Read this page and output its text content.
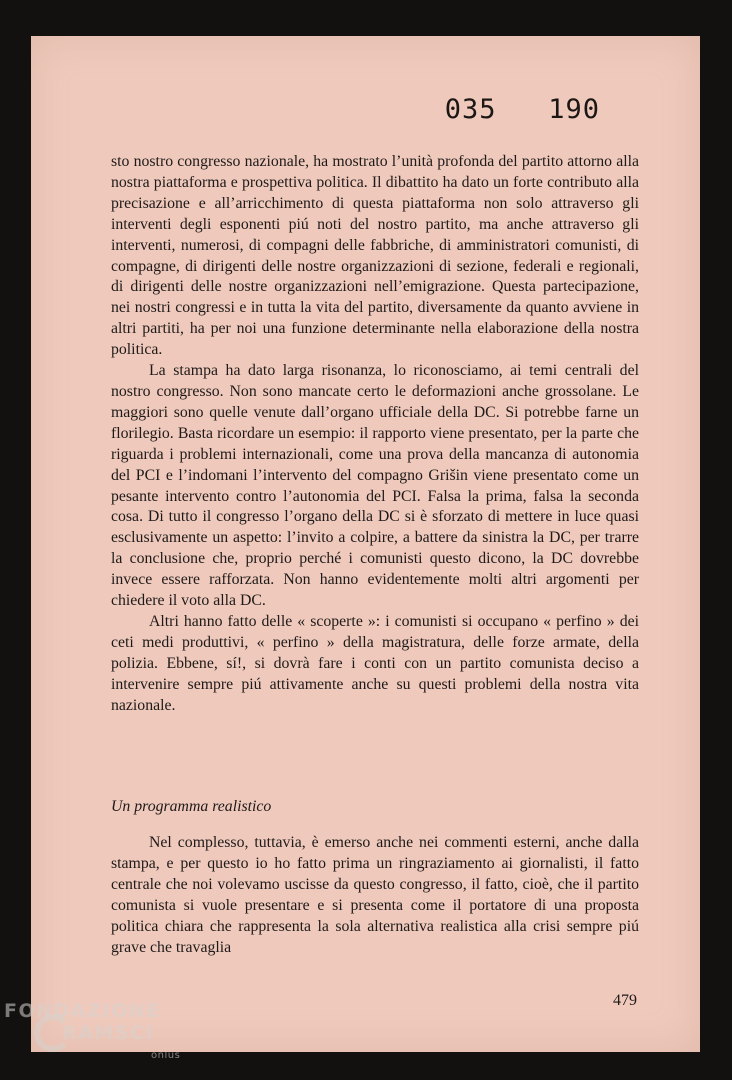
035   190

sto nostro congresso nazionale, ha mostrato l’unità profonda del partito attorno alla nostra piattaforma e prospettiva politica. Il dibattito ha dato un forte contributo alla precisazione e all’arricchimento di questa piattaforma non solo attraverso gli interventi degli esponenti piú noti del nostro partito, ma anche attraverso gli interventi, numerosi, di compagni delle fabbriche, di amministratori comunisti, di compagne, di dirigenti delle nostre organizzazioni di sezione, federali e regionali, di dirigenti delle nostre organizzazioni nell’emigrazione. Questa partecipazione, nei nostri congressi e in tutta la vita del partito, diversamente da quanto avviene in altri partiti, ha per noi una funzione determinante nella elaborazione della nostra politica.

La stampa ha dato larga risonanza, lo riconosciamo, ai temi centrali del nostro congresso. Non sono mancate certo le deformazioni anche grossolane. Le maggiori sono quelle venute dall’organo ufficiale della DC. Si potrebbe farne un florilegio. Basta ricordare un esempio: il rapporto viene presentato, per la parte che riguarda i problemi internazionali, come una prova della mancanza di autonomia del PCI e l’indomani l’intervento del compagno Grišin viene presentato come un pesante intervento contro l’autonomia del PCI. Falsa la prima, falsa la seconda cosa. Di tutto il congresso l’organo della DC si è sforzato di mettere in luce quasi esclusivamente un aspetto: l’invito a colpire, a battere da sinistra la DC, per trarre la conclusione che, proprio perché i comunisti questo dicono, la DC dovrebbe invece essere rafforzata. Non hanno evidentemente molti altri argomenti per chiedere il voto alla DC.

Altri hanno fatto delle « scoperte »: i comunisti si occupano « perfino » dei ceti medi produttivi, « perfino » della magistratura, delle forze armate, della polizia. Ebbene, sí!, si dovrà fare i conti con un partito comunista deciso a intervenire sempre piú attivamente anche su questi problemi della nostra vita nazionale.

Un programma realistico

Nel complesso, tuttavia, è emerso anche nei commenti esterni, anche dalla stampa, e per questo io ho fatto prima un ringraziamento ai giornalisti, il fatto centrale che noi volevamo uscisse da questo congresso, il fatto, cioè, che il partito comunista si vuole presentare e si presenta come il portatore di una proposta politica chiara che rappresenta la sola alternativa realistica alla crisi sempre piú grave che travaglia

479
FONDAZIONE
RAMSCI
onlus
